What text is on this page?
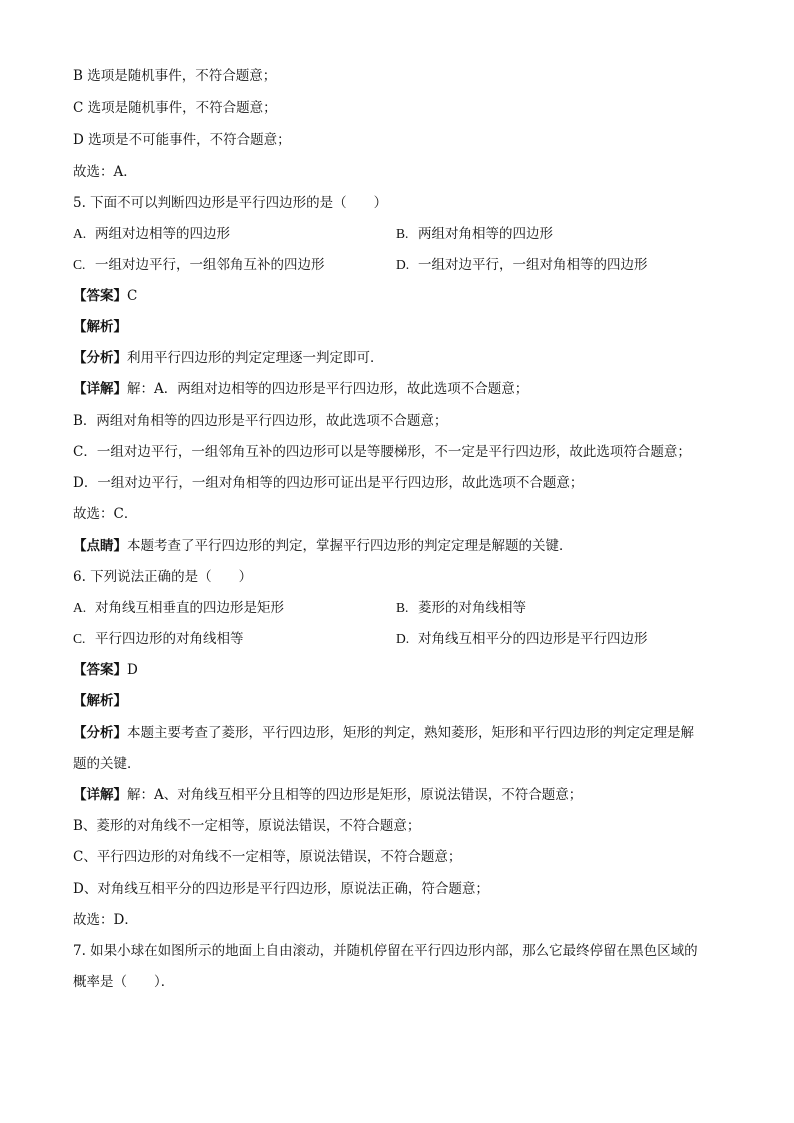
B 选项是随机事件，不符合题意；
C 选项是随机事件，不符合题意；
D 选项是不可能事件，不符合题意；
故选：A．
5. 下面不可以判断四边形是平行四边形的是（　　）
A. 两组对边相等的四边形	B. 两组对角相等的四边形
C. 一组对边平行，一组邻角互补的四边形	D. 一组对边平行，一组对角相等的四边形
【 答案 】 C
【 解析 】
【 分析 】 利用平行四边形的判定定理逐一判定即可．
【 详解 】 解：A．两组对边相等的四边形是平行四边形，故此选项不合题意；
B．两组对角相等的四边形是平行四边形，故此选项不合题意；
C．一组对边平行，一组邻角互补的四边形可以是等腰梯形，不一定是平行四边形，故此选项符合题意；
D．一组对边平行，一组对角相等的四边形可证出是平行四边形，故此选项不合题意；
故选：C．
【 点睛 】 本题考查了平行四边形的判定，掌握平行四边形的判定定理是解题的关键．
6. 下列说法正确的是（　　）
A. 对角线互相垂直的四边形是矩形	B. 菱形的对角线相等
C. 平行四边形的对角线相等	D. 对角线互相平分的四边形是平行四边形
【 答案 】 D
【 解析 】
【 分析 】 本题主要考查了菱形，平行四边形，矩形的判定，熟知菱形，矩形和平行四边形的判定定理是解
题的关键．
【 详解 】 解：A、对角线互相平分且相等的四边形是矩形，原说法错误，不符合题意；
B、菱形的对角线不一定相等，原说法错误，不符合题意；
C、平行四边形的对角线不一定相等，原说法错误，不符合题意；
D、对角线互相平分的四边形是平行四边形，原说法正确，符合题意；
故选：D．
7. 如果小球在如图所示的地面上自由滚动，并随机停留在平行四边形内部，那么它最终停留在黑色区域的
概率是（　　）．
